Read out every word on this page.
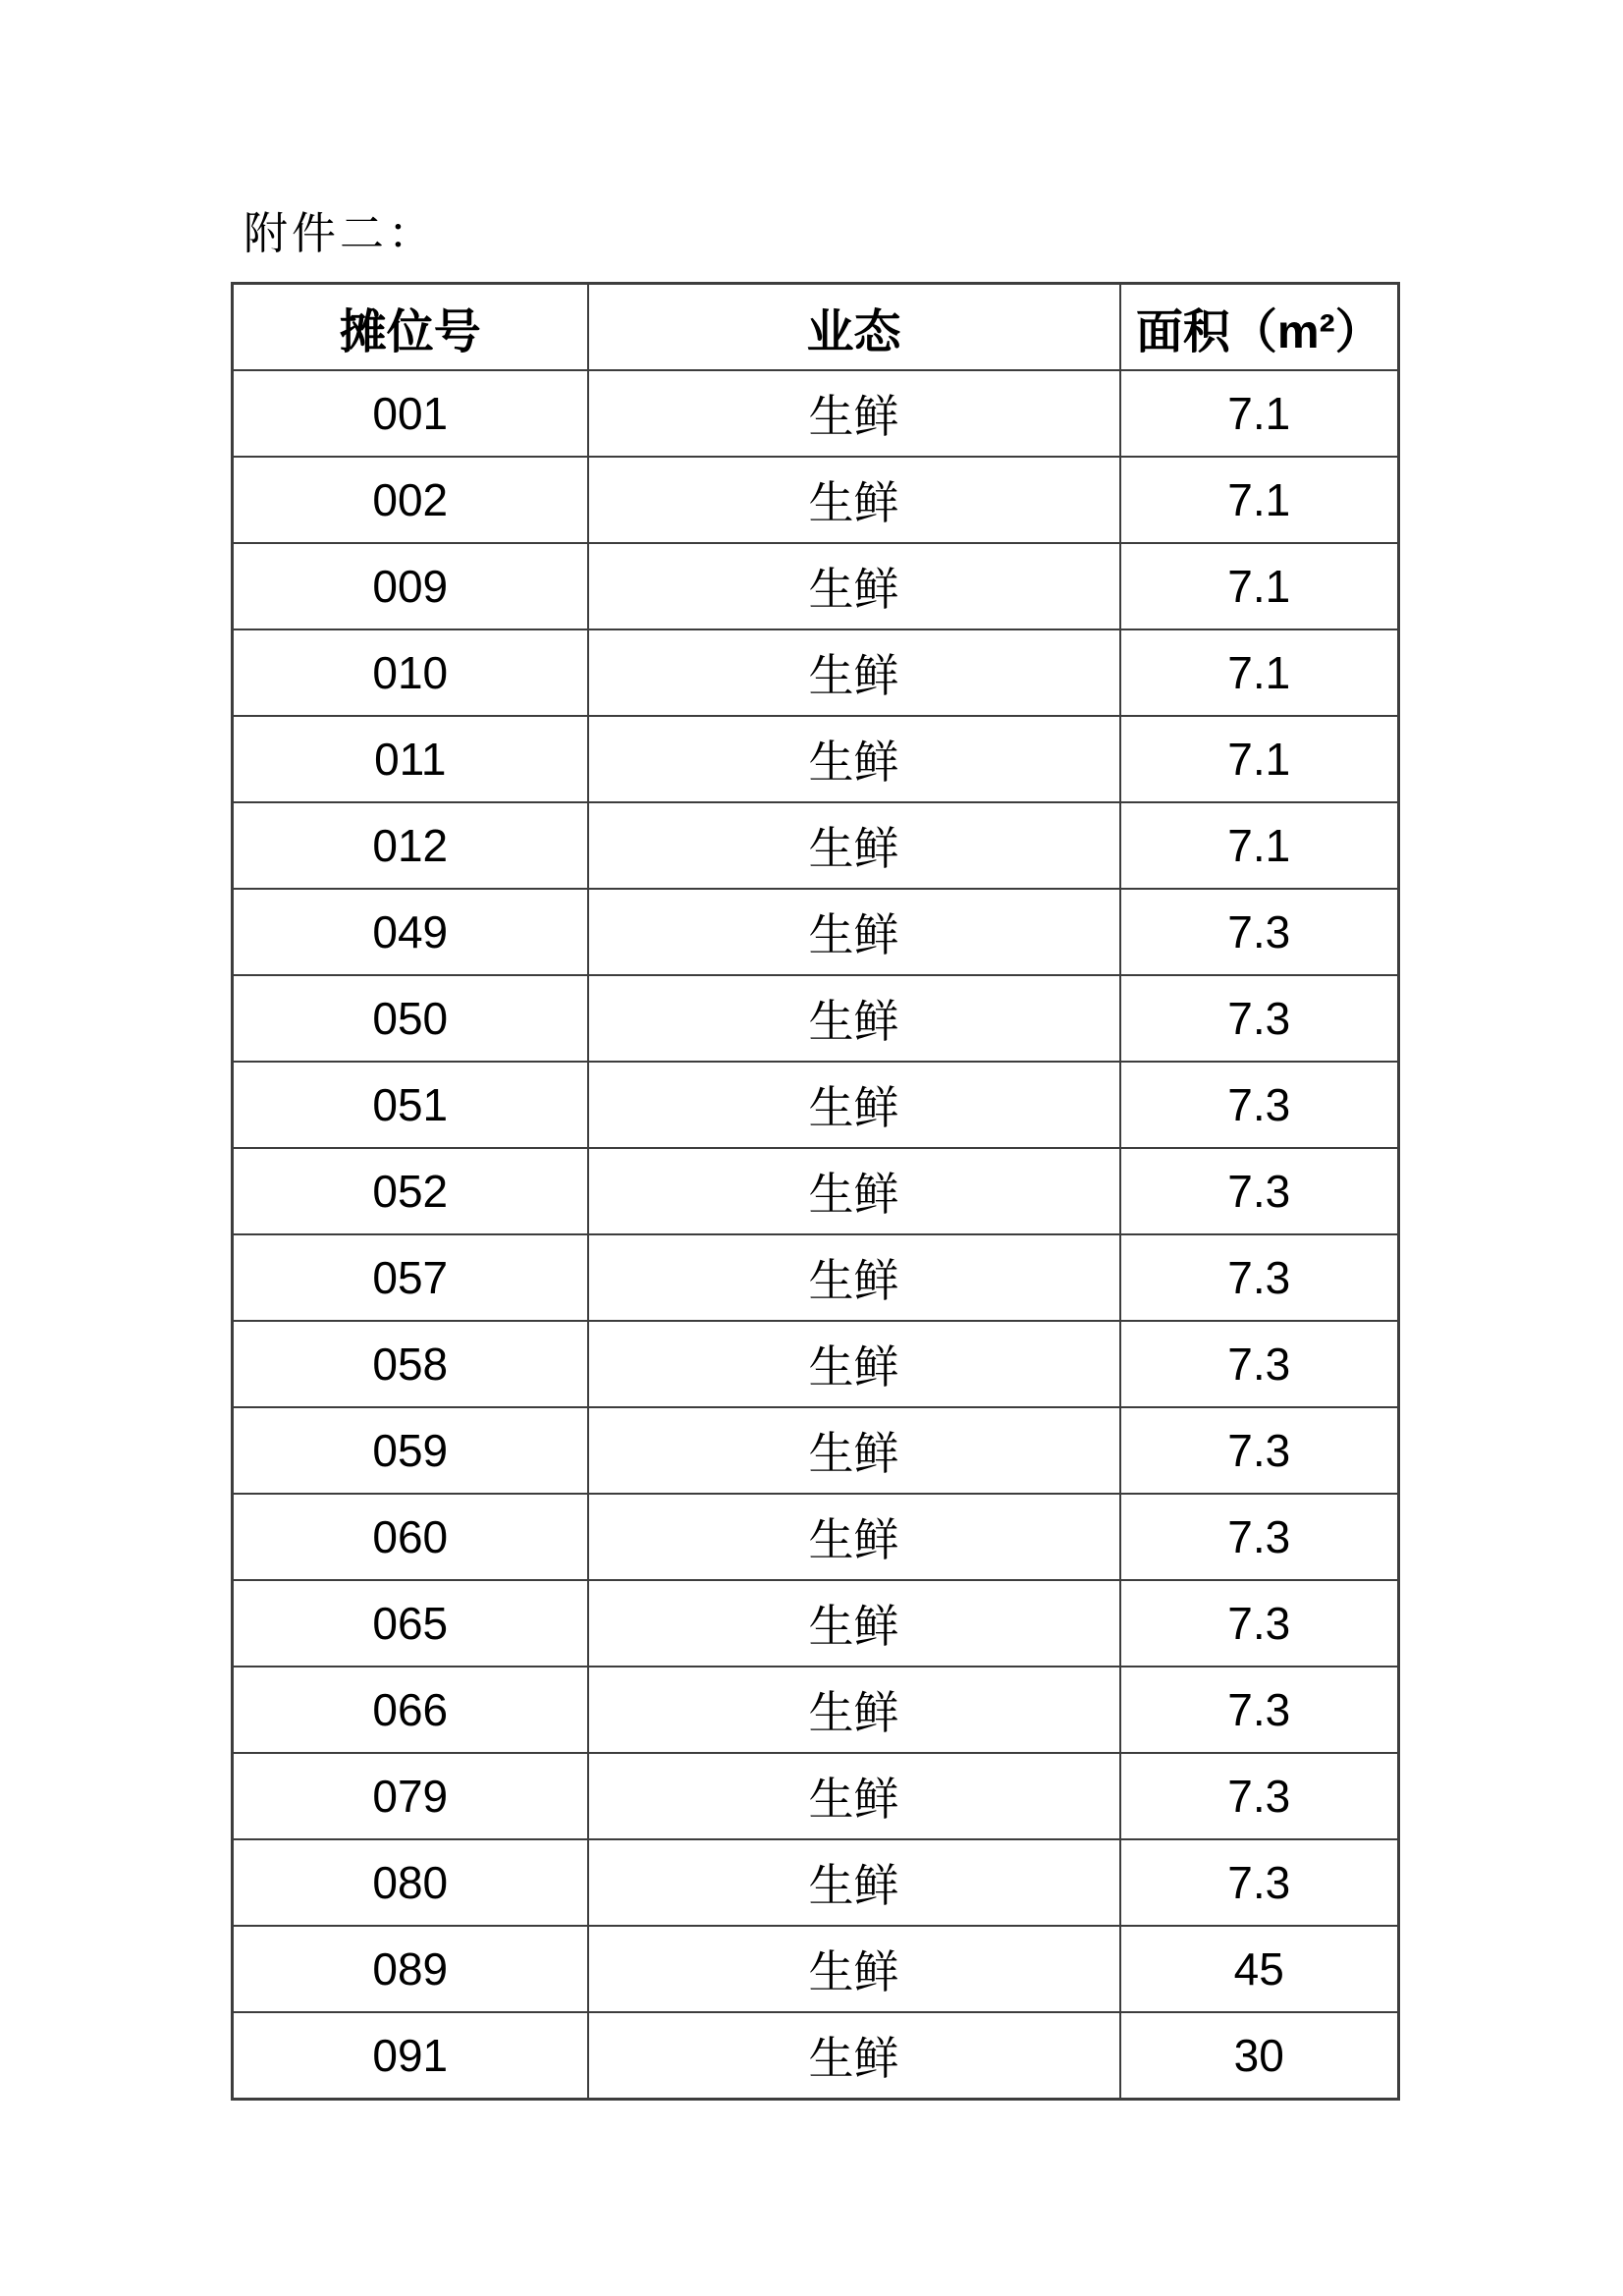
附件二：
摊位号	业态	面积（m²）
001	生鲜	7.1
002	生鲜	7.1
009	生鲜	7.1
010	生鲜	7.1
011	生鲜	7.1
012	生鲜	7.1
049	生鲜	7.3
050	生鲜	7.3
051	生鲜	7.3
052	生鲜	7.3
057	生鲜	7.3
058	生鲜	7.3
059	生鲜	7.3
060	生鲜	7.3
065	生鲜	7.3
066	生鲜	7.3
079	生鲜	7.3
080	生鲜	7.3
089	生鲜	45
091	生鲜	30
